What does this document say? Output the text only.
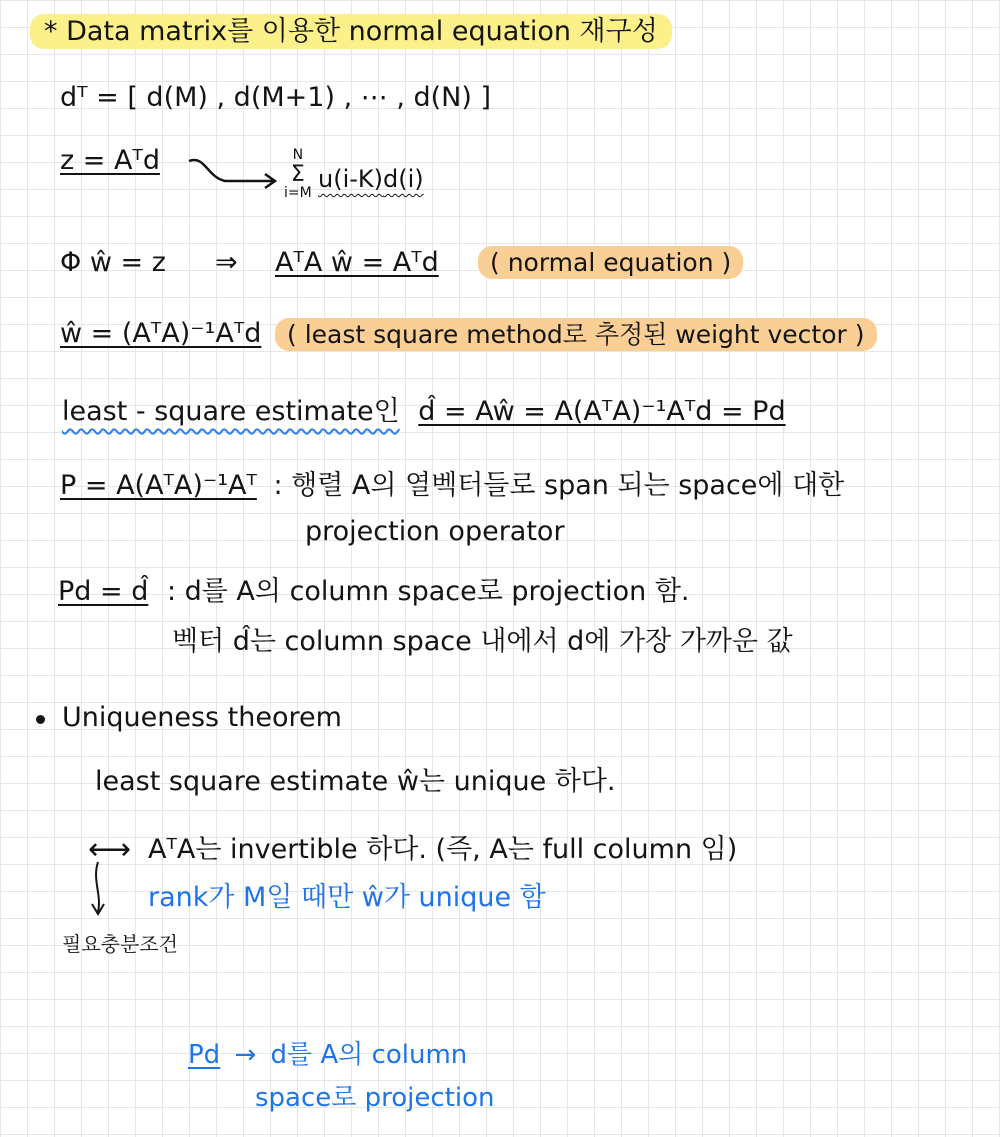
* Data matrix를 이용한 normal equation 재구성
dᵀ = [ d(M) , d(M+1) , ⋯ , d(N) ]
z = Aᵀd	N
Σ
i=M u(i-K)d(i)
Φ ŵ = z ⇒ AᵀA ŵ = Aᵀd	( normal equation )
ŵ = (AᵀA)⁻¹Aᵀd	( least square method로 추정된 weight vector )
least - square estimate인 d̂ = Aŵ = A(AᵀA)⁻¹Aᵀd = Pd
P = A(AᵀA)⁻¹Aᵀ : 행렬 A의 열벡터들로 span 되는 space에 대한
projection operator
Pd = d̂ : d를 A의 column space로 projection 함.
벡터 d̂는 column space 내에서 d에 가장 가까운 값
Uniqueness theorem
least square estimate ŵ는 unique 하다.
⟷ AᵀA는 invertible 하다. (즉, A는 full column 임)
rank가 M일 때만 ŵ가 unique 함
필요충분조건
Pd → d를 A의 column
space로 projection
